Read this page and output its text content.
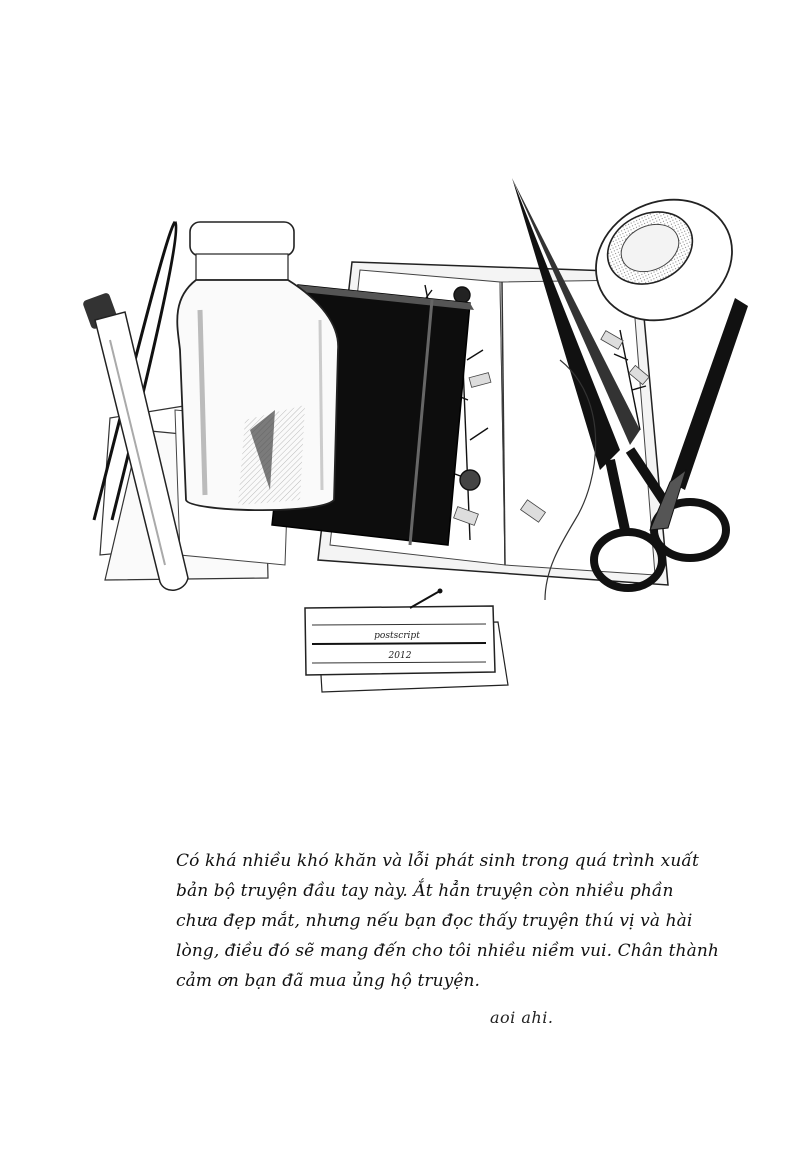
postscript
2012

Có khá nhiều khó khăn và lỗi phát sinh trong quá trình xuất
bản bộ truyện đầu tay này. Ắt hẳn truyện còn nhiều phần
chưa đẹp mắt, nhưng nếu bạn đọc thấy truyện thú vị và hài
lòng, điều đó sẽ mang đến cho tôi nhiều niềm vui. Chân thành
cảm ơn bạn đã mua ủng hộ truyện.

aoi ahi.
